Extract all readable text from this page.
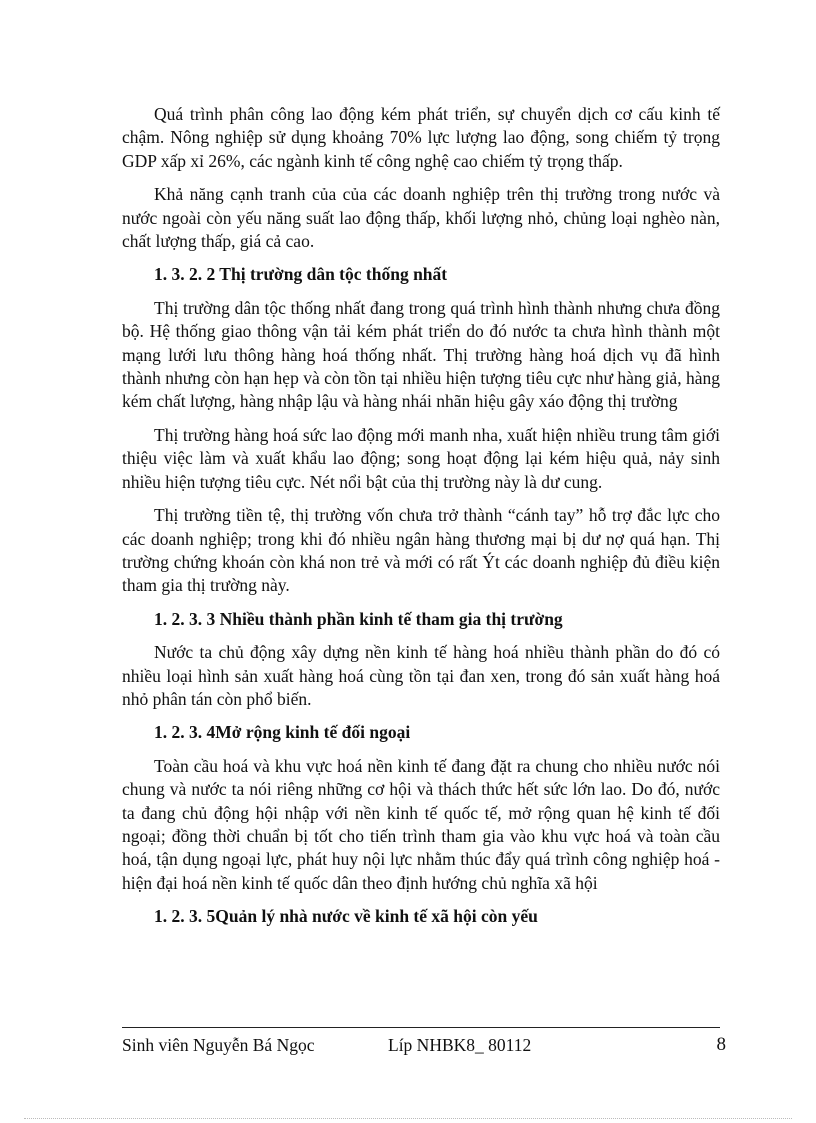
Quá trình phân công lao động kém phát triển, sự chuyển dịch cơ cấu kinh tế chậm. Nông nghiệp sử dụng khoảng 70% lực lượng lao động, song chiếm tỷ trọng GDP xấp xỉ 26%, các ngành kinh tế công nghệ cao chiếm tỷ trọng thấp.

Khả năng cạnh tranh của của các doanh nghiệp trên thị trường trong nước và nước ngoài còn yếu năng suất lao động thấp, khối lượng nhỏ, chủng loại nghèo nàn, chất lượng thấp, giá cả cao.

1. 3. 2. 2 Thị trường dân tộc thống nhất

Thị trường dân tộc thống nhất đang trong quá trình hình thành nhưng chưa đồng bộ. Hệ thống giao thông vận tải kém phát triển do đó nước ta chưa hình thành một mạng lưới lưu thông hàng hoá thống nhất. Thị trường hàng hoá dịch vụ đã hình thành nhưng còn hạn hẹp và còn tồn tại nhiều hiện tượng tiêu cực như hàng giả, hàng kém chất lượng, hàng nhập lậu và hàng nhái nhãn hiệu gây xáo động thị trường

Thị trường hàng hoá sức lao động mới manh nha, xuất hiện nhiều trung tâm giới thiệu việc làm và xuất khẩu lao động; song hoạt động lại kém hiệu quả, nảy sinh nhiều hiện tượng tiêu cực. Nét nổi bật của thị trường này là dư cung.

Thị trường tiền tệ, thị trường vốn chưa trở thành “cánh tay” hỗ trợ đắc lực cho các doanh nghiệp; trong khi đó nhiều ngân hàng thương mại bị dư nợ quá hạn. Thị trường chứng khoán còn khá non trẻ và mới có rất Ýt các doanh nghiệp đủ điều kiện tham gia thị trường này.

1. 2. 3. 3 Nhiều thành phần kinh tế tham gia thị trường

Nước ta chủ động xây dựng nền kinh tế hàng hoá nhiều thành phần do đó có nhiều loại hình sản xuất hàng hoá cùng tồn tại đan xen, trong đó sản xuất hàng hoá nhỏ phân tán còn phổ biến.

1. 2. 3. 4Mở rộng kinh tế đối ngoại

Toàn cầu hoá và khu vực hoá nền kinh tế đang đặt ra chung cho nhiều nước nói chung và nước ta nói riêng những cơ hội và thách thức hết sức lớn lao. Do đó, nước ta đang chủ động hội nhập với nền kinh tế quốc tế, mở rộng quan hệ kinh tế đối ngoại; đồng thời chuẩn bị tốt cho tiến trình tham gia vào khu vực hoá và toàn cầu hoá, tận dụng ngoại lực, phát huy nội lực nhằm thúc đẩy quá trình công nghiệp hoá - hiện đại hoá nền kinh tế quốc dân theo định hướng chủ nghĩa xã hội

1. 2. 3. 5Quản lý nhà nước về kinh tế xã hội còn yếu

Sinh viên Nguyễn Bá Ngọc	Líp NHBK8_ 80112	8
